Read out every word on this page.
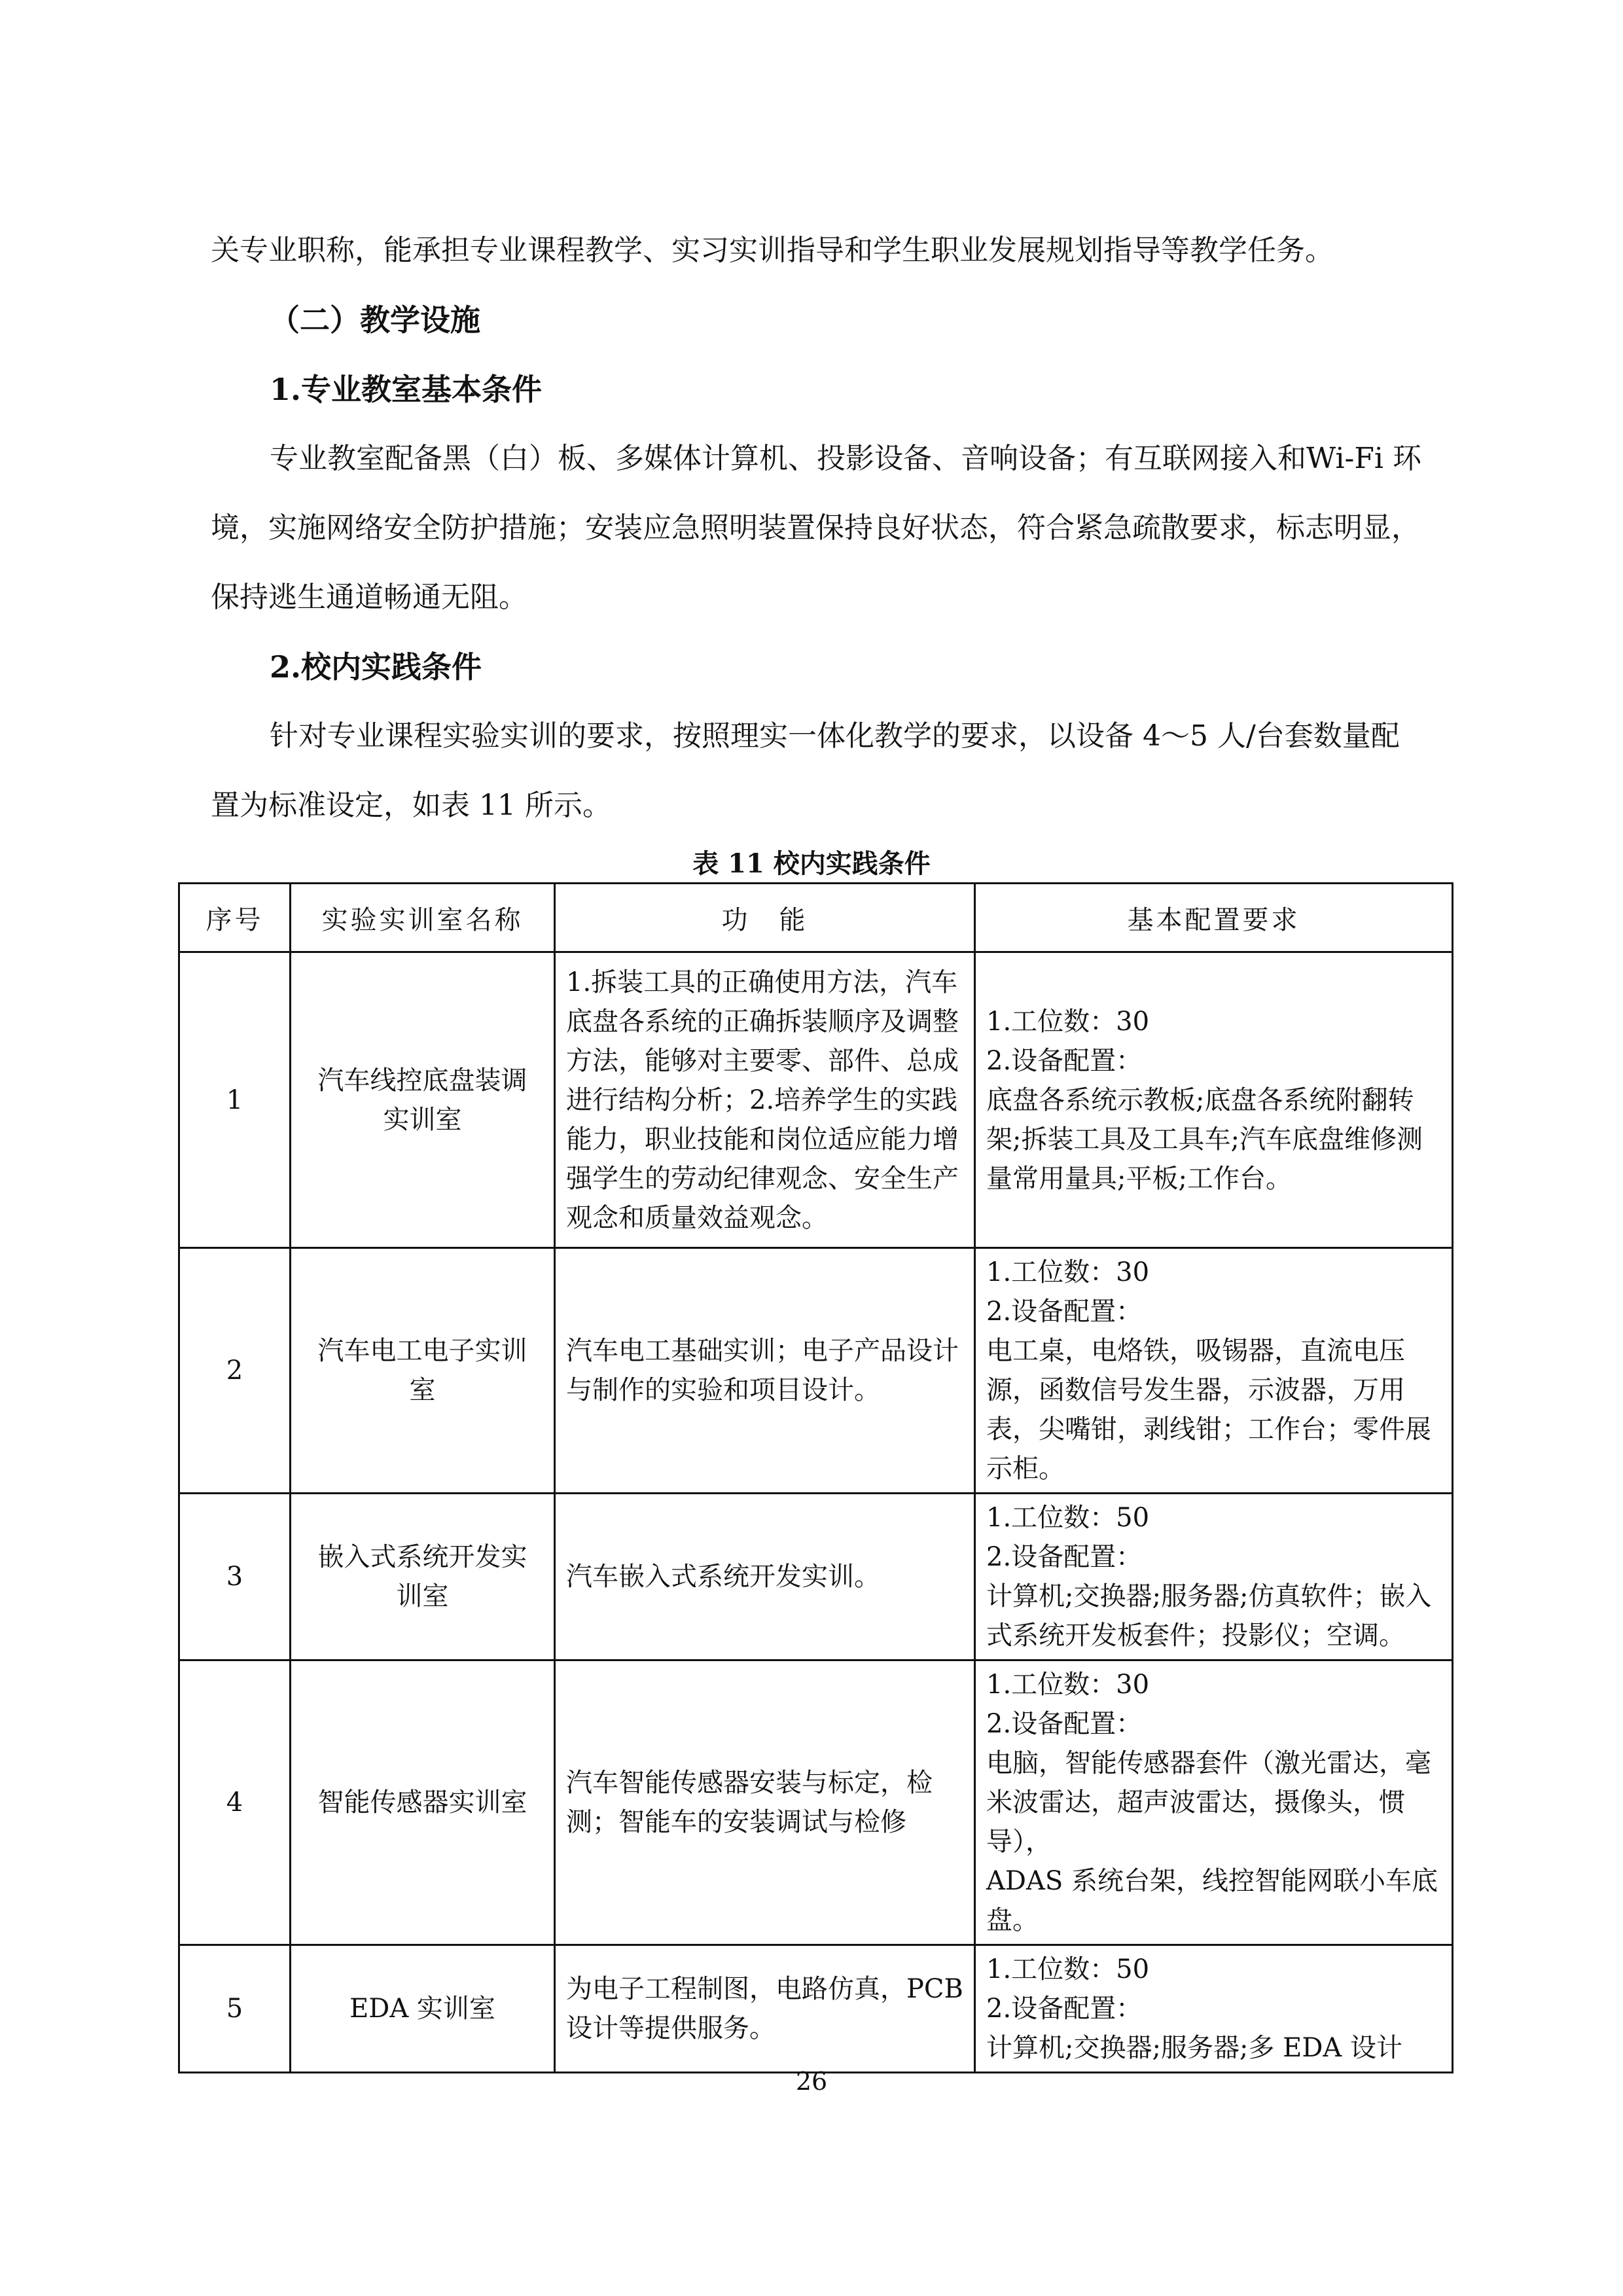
关专业职称，能承担专业课程教学、实习实训指导和学生职业发展规划指导等教学任务。
（二）教学设施
1.专业教室基本条件
专业教室配备黑（白）板、多媒体计算机、投影设备、音响设备；有互联网接入和Wi-Fi 环境，实施网络安全防护措施；安装应急照明装置保持良好状态，符合紧急疏散要求，标志明显，保持逃生通道畅通无阻。
2.校内实践条件
针对专业课程实验实训的要求，按照理实一体化教学的要求，以设备 4～5 人/台套数量配置为标准设定，如表 11 所示。
表 11 校内实践条件
序号	实验实训室名称	功　能	基本配置要求
1	汽车线控底盘装调实训室	1.拆装工具的正确使用方法，汽车底盘各系统的正确拆装顺序及调整方法，能够对主要零、部件、总成进行结构分析；2.培养学生的实践能力，职业技能和岗位适应能力增强学生的劳动纪律观念、安全生产观念和质量效益观念。	1.工位数：30
2.设备配置：
底盘各系统示教板;底盘各系统附翻转架;拆装工具及工具车;汽车底盘维修测量常用量具;平板;工作台。

2	汽车电工电子实训室	汽车电工基础实训；电子产品设计与制作的实验和项目设计。	1.工位数：30
2.设备配置：
电工桌，电烙铁，吸锡器，直流电压源，函数信号发生器，示波器，万用表，尖嘴钳，剥线钳；工作台；零件展示柜。

3	嵌入式系统开发实训室	汽车嵌入式系统开发实训。	1.工位数：50
2.设备配置：
计算机;交换器;服务器;仿真软件；嵌入式系统开发板套件；投影仪；空调。

4	智能传感器实训室	汽车智能传感器安装与标定，检测；智能车的安装调试与检修	1.工位数：30
2.设备配置：
电脑，智能传感器套件（激光雷达，毫米波雷达，超声波雷达，摄像头，惯导），
ADAS 系统台架，线控智能网联小车底盘。

5	EDA 实训室	为电子工程制图，电路仿真，PCB 设计等提供服务。	1.工位数：50
2.设备配置：
计算机;交换器;服务器;多 EDA 设计
26
